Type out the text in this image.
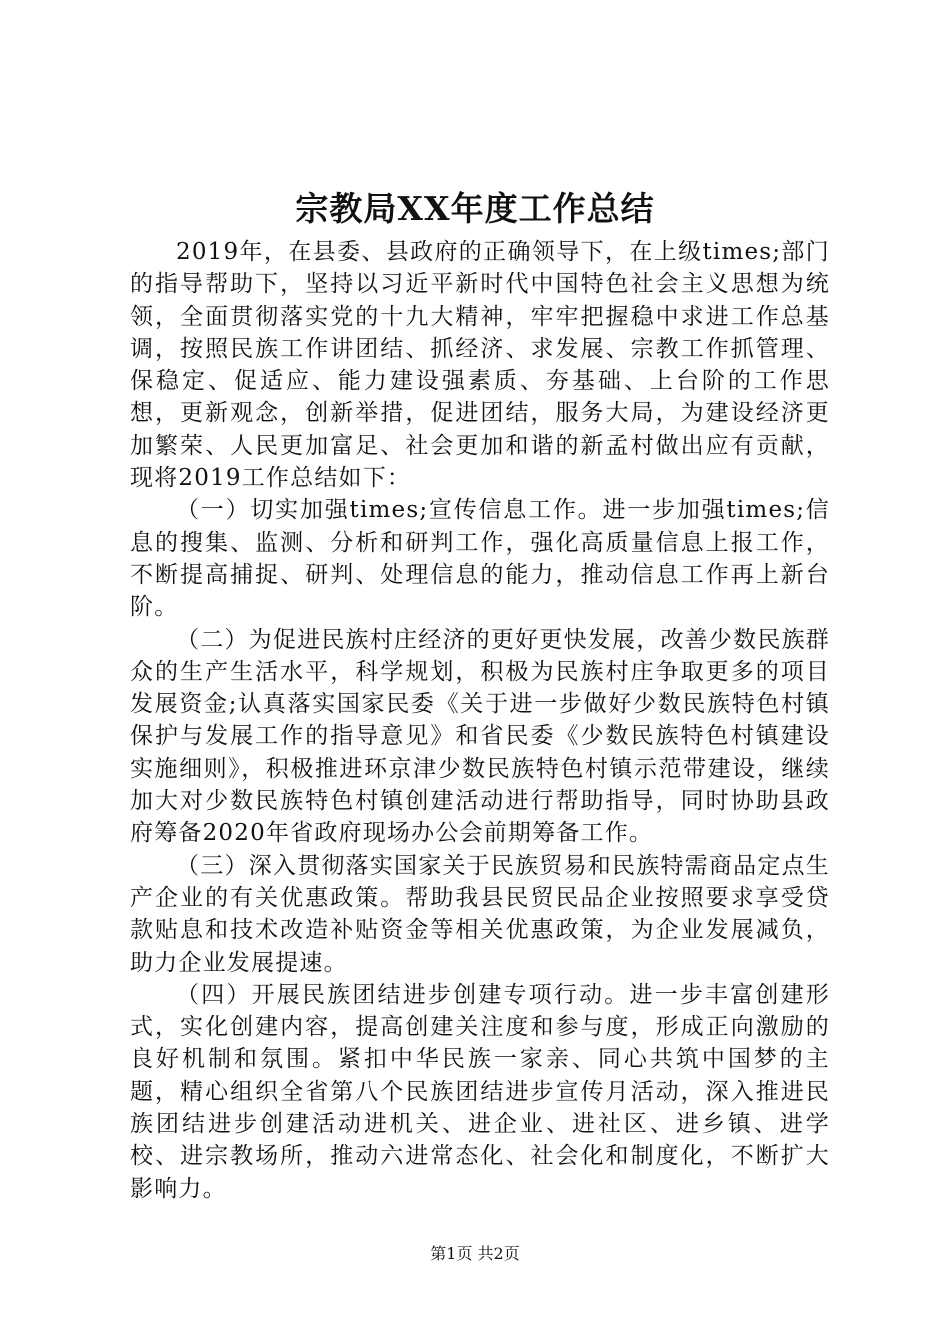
宗教局XX年度工作总结

2019年，在县委、县政府的正确领导下，在上级times;部门的指导帮助下，坚持以习近平新时代中国特色社会主义思想为统领，全面贯彻落实党的十九大精神，牢牢把握稳中求进工作总基调，按照民族工作讲团结、抓经济、求发展、宗教工作抓管理、保稳定、促适应、能力建设强素质、夯基础、上台阶的工作思想，更新观念，创新举措，促进团结，服务大局，为建设经济更加繁荣、人民更加富足、社会更加和谐的新孟村做出应有贡献，现将2019工作总结如下：

（一）切实加强times;宣传信息工作。进一步加强times;信息的搜集、监测、分析和研判工作，强化高质量信息上报工作，不断提高捕捉、研判、处理信息的能力，推动信息工作再上新台阶。

（二）为促进民族村庄经济的更好更快发展，改善少数民族群众的生产生活水平，科学规划，积极为民族村庄争取更多的项目发展资金;认真落实国家民委《关于进一步做好少数民族特色村镇保护与发展工作的指导意见》和省民委《少数民族特色村镇建设实施细则》，积极推进环京津少数民族特色村镇示范带建设，继续加大对少数民族特色村镇创建活动进行帮助指导，同时协助县政府筹备2020年省政府现场办公会前期筹备工作。

（三）深入贯彻落实国家关于民族贸易和民族特需商品定点生产企业的有关优惠政策。帮助我县民贸民品企业按照要求享受贷款贴息和技术改造补贴资金等相关优惠政策，为企业发展减负，助力企业发展提速。

（四）开展民族团结进步创建专项行动。进一步丰富创建形式，实化创建内容，提高创建关注度和参与度，形成正向激励的良好机制和氛围。紧扣中华民族一家亲、同心共筑中国梦的主题，精心组织全省第八个民族团结进步宣传月活动，深入推进民族团结进步创建活动进机关、进企业、进社区、进乡镇、进学校、进宗教场所，推动六进常态化、社会化和制度化，不断扩大影响力。

第1页 共2页
